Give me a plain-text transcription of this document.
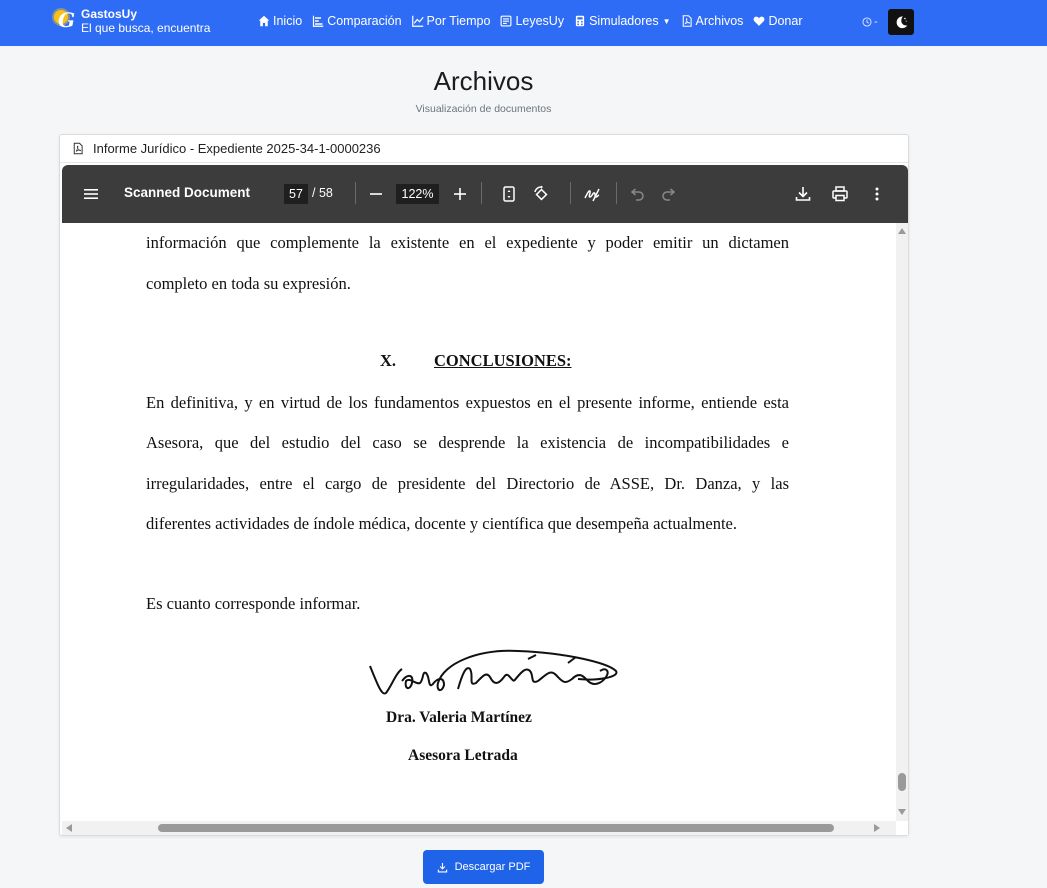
G GastosUy
El que busca, encuentra	Inicio Comparación Por Tiempo LeyesUy Simuladores ▼ Archivos Donar	-
Archivos
Visualización de documentos
Informe Jurídico - Expediente 2025-34-1-0000236
Scanned Document	57 / 58	122%
información que complemente la existente en el expediente y poder emitir un dictamen
completo en toda su expresión.
X. CONCLUSIONES:
En definitiva, y en virtud de los fundamentos expuestos en el presente informe, entiende esta
Asesora, que del estudio del caso se desprende la existencia de incompatibilidades e
irregularidades, entre el cargo de presidente del Directorio de ASSE, Dr. Danza, y las
diferentes actividades de índole médica, docente y científica que desempeña actualmente.
Es cuanto corresponde informar.
Dra. Valeria Martínez
Asesora Letrada
Descargar PDF
